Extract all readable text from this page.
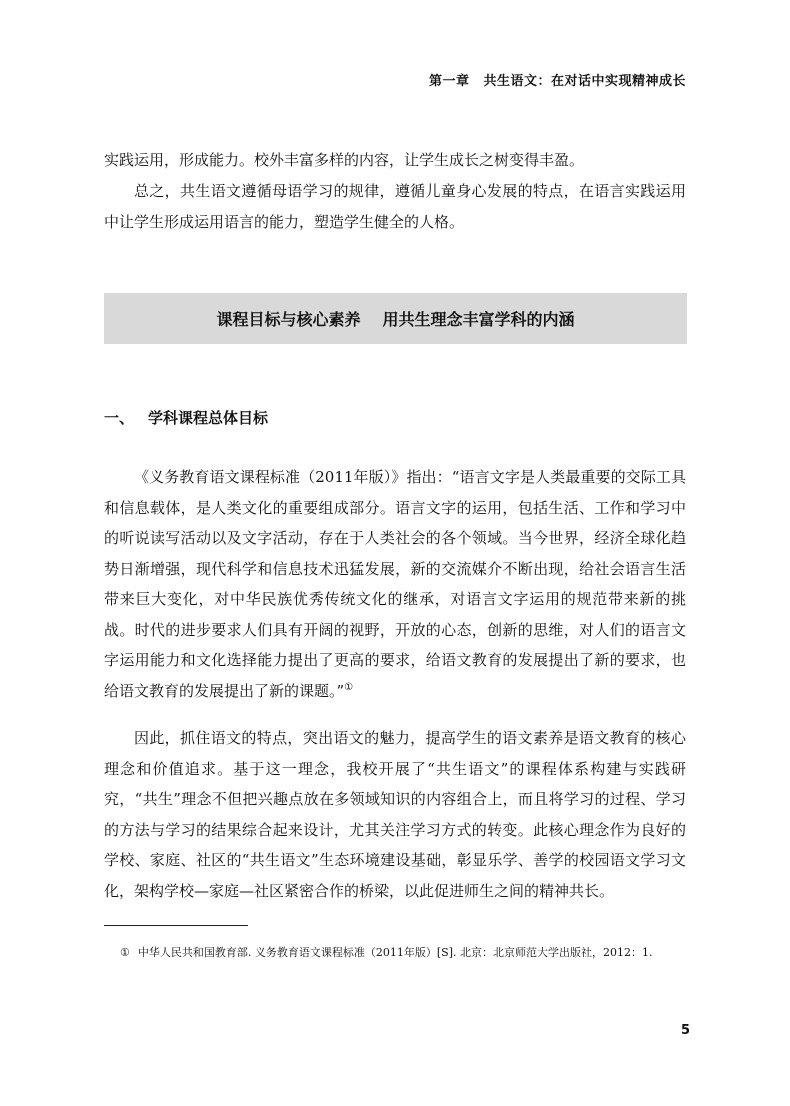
第一章 共生语文：在对话中实现精神成长

实践运用，形成能力。校外丰富多样的内容，让学生成长之树变得丰盈。

总之，共生语文遵循母语学习的规律，遵循儿童身心发展的特点，在语言实践运用中让学生形成运用语言的能力，塑造学生健全的人格。

课程目标与核心素养 用共生理念丰富学科的内涵
一、 学科课程总体目标

《义务教育语文课程标准（2011年版）》指出：“语言文字是人类最重要的交际工具和信息载体，是人类文化的重要组成部分。语言文字的运用，包括生活、工作和学习中的听说读写活动以及文字活动，存在于人类社会的各个领域。当今世界，经济全球化趋势日渐增强，现代科学和信息技术迅猛发展，新的交流媒介不断出现，给社会语言生活带来巨大变化，对中华民族优秀传统文化的继承，对语言文字运用的规范带来新的挑战。时代的进步要求人们具有开阔的视野，开放的心态，创新的思维，对人们的语言文字运用能力和文化选择能力提出了更高的要求，给语文教育的发展提出了新的要求，也给语文教育的发展提出了新的课题。”①

因此，抓住语文的特点，突出语文的魅力，提高学生的语文素养是语文教育的核心理念和价值追求。基于这一理念，我校开展了“共生语文”的课程体系构建与实践研究，“共生”理念不但把兴趣点放在多领域知识的内容组合上，而且将学习的过程、学习的方法与学习的结果综合起来设计，尤其关注学习方式的转变。此核心理念作为良好的学校、家庭、社区的“共生语文”生态环境建设基础，彰显乐学、善学的校园语文学习文化，架构学校—家庭—社区紧密合作的桥梁，以此促进师生之间的精神共长。

① 中华人民共和国教育部. 义务教育语文课程标准（2011年版）[S]. 北京：北京师范大学出版社，2012：1.
5
